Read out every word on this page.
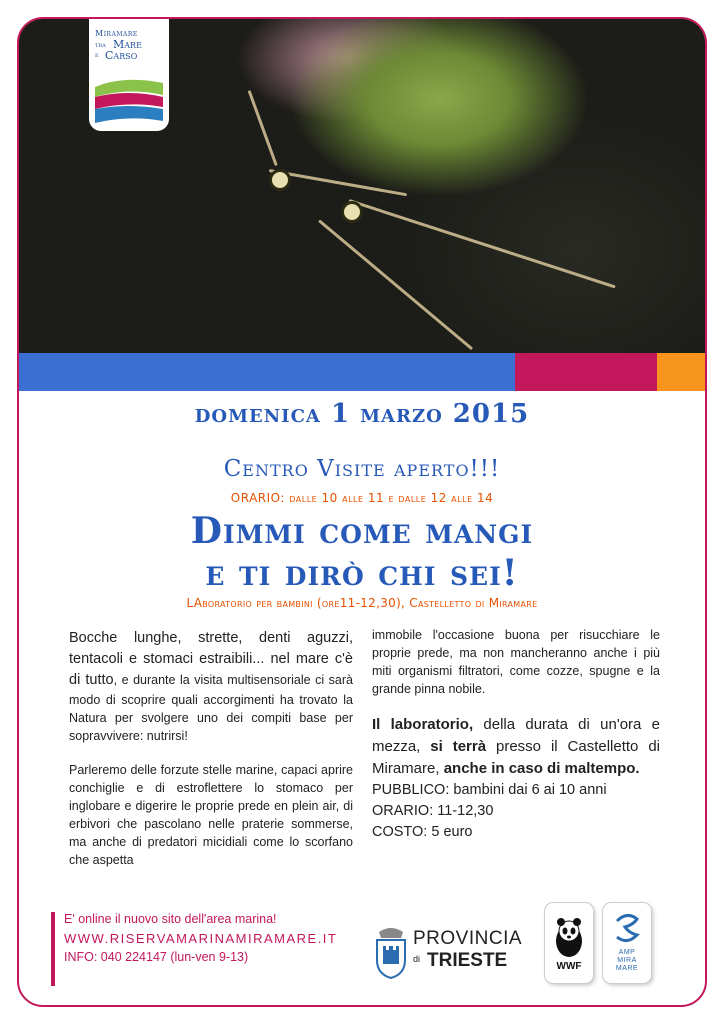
Miramare
tra Mare
e Carso
domenica 1 marzo 2015
Centro Visite aperto!!!
ORARIO: dalle 10 alle 11 e dalle 12 alle 14
Dimmi come mangi
e ti dirò chi sei!
LAboratorio per bambini (ore11-12,30), Castelletto di Miramare
Bocche lunghe, strette, denti aguzzi, tentacoli e stomaci estraibili... nel mare c'è di tutto, e durante la visita multisensoriale ci sarà modo di scoprire quali accorgimenti ha trovato la Natura per svolgere uno dei compiti base per sopravvivere: nutrirsi!
Parleremo delle forzute stelle marine, capaci aprire conchiglie e di estroflettere lo stomaco per inglobare e digerire le proprie prede en plein air, di erbivori che pascolano nelle praterie sommerse, ma anche di predatori micidiali come lo scorfano che aspetta
immobile l'occasione buona per risucchiare le proprie prede, ma non mancheranno anche i più miti organismi filtratori, come cozze, spugne e la grande pinna nobile.
Il laboratorio, della durata di un'ora e mezza, si terrà presso il Castelletto di Miramare, anche in caso di maltempo.
PUBBLICO: bambini dai 6 ai 10 anni
ORARIO: 11-12,30
COSTO: 5 euro
E' online il nuovo sito dell'area marina!
WWW.RISERVAMARINAMIRAMARE.IT
INFO: 040 224147 (lun-ven 9-13)
PROVINCIA
di TRIESTE	WWF
AMP
MIRA
MARE
